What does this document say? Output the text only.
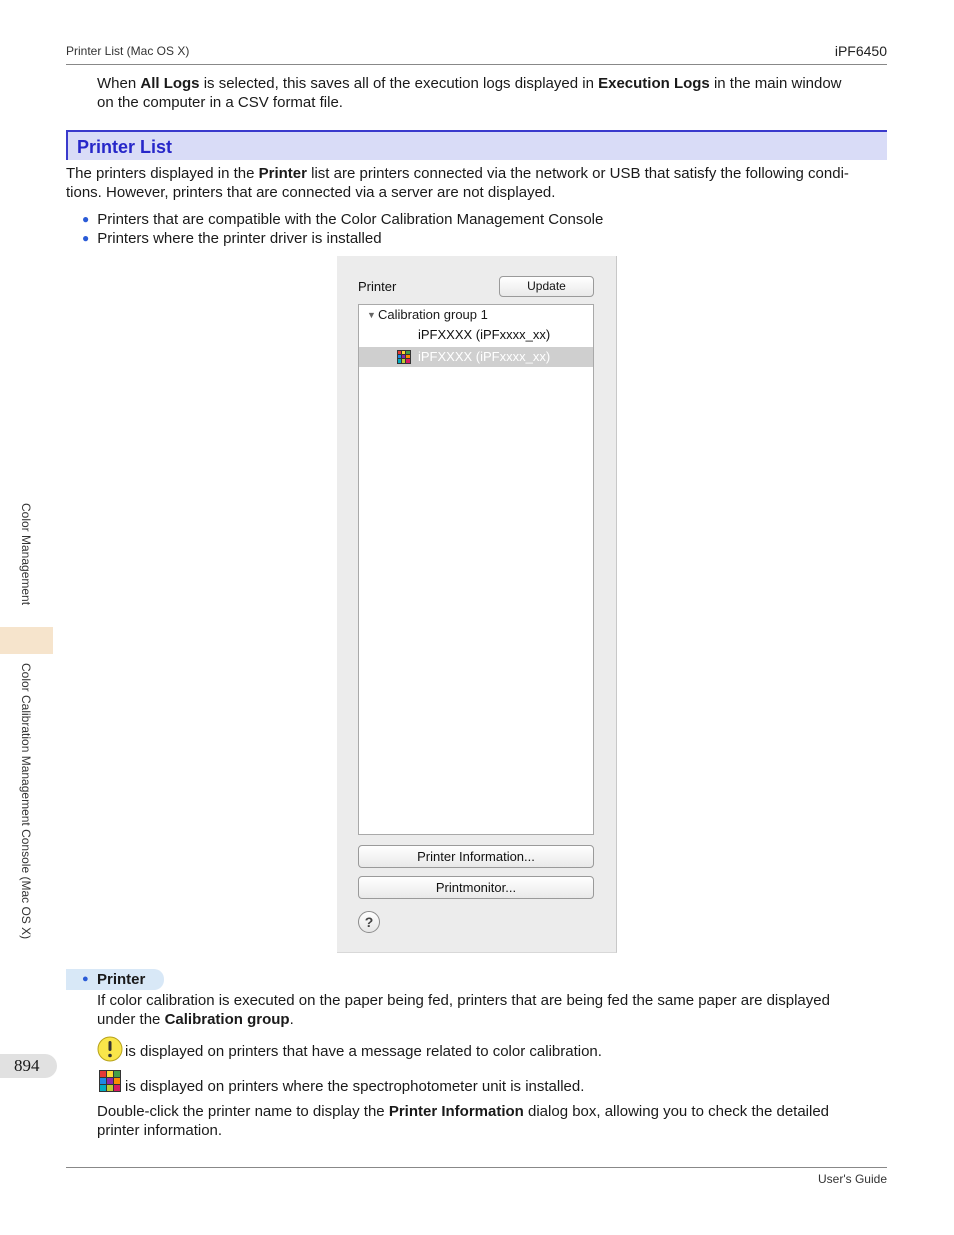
Printer List (Mac OS X)	iPF6450
When All Logs is selected, this saves all of the execution logs displayed in Execution Logs in the main window
on the computer in a CSV format file.
Printer List
The printers displayed in the Printer list are printers connected via the network or USB that satisfy the following condi-
tions. However, printers that are connected via a server are not displayed.
● Printers that are compatible with the Color Calibration Management Console
● Printers where the printer driver is installed
Printer	Update
▼ Calibration group 1
iPFXXXX (iPFxxxx_xx)
iPFXXXX (iPFxxxx_xx)
Printer Information...
Printmonitor...
?
● Printer
If color calibration is executed on the paper being fed, printers that are being fed the same paper are displayed
under the Calibration group.
is displayed on printers that have a message related to color calibration.
is displayed on printers where the spectrophotometer unit is installed.
Double-click the printer name to display the Printer Information dialog box, allowing you to check the detailed
printer information.
Color Management
Color Calibration Management Console (Mac OS X)
894
User's Guide
